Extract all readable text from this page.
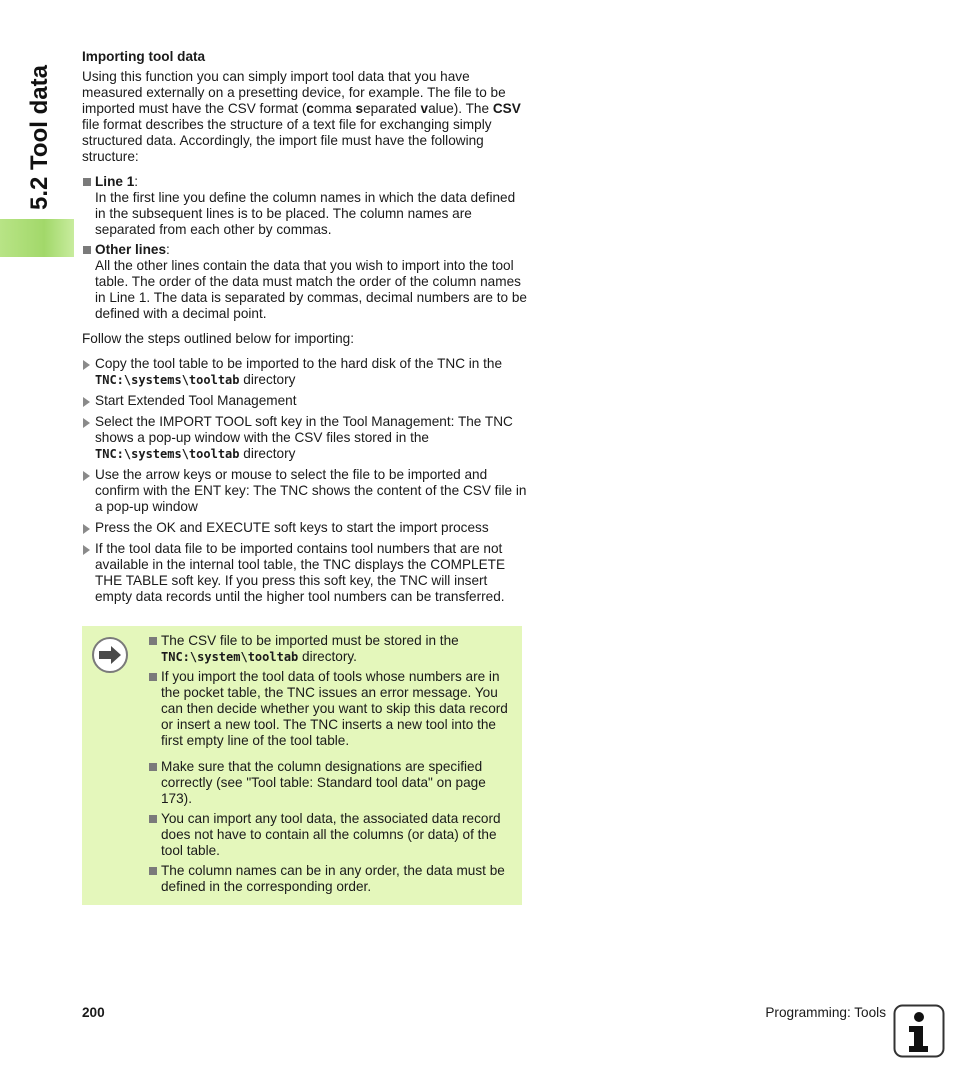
5.2 Tool data

Importing tool data

Using this function you can simply import tool data that you have measured externally on a presetting device, for example. The file to be imported must have the CSV format (comma separated value). The CSV file format describes the structure of a text file for exchanging simply structured data. Accordingly, the import file must have the following structure:

Line 1:
In the first line you define the column names in which the data defined in the subsequent lines is to be placed. The column names are separated from each other by commas.
Other lines:
All the other lines contain the data that you wish to import into the tool table. The order of the data must match the order of the column names in Line 1. The data is separated by commas, decimal numbers are to be defined with a decimal point.

Follow the steps outlined below for importing:

Copy the tool table to be imported to the hard disk of the TNC in the TNC:\systems\tooltab directory
Start Extended Tool Management
Select the IMPORT TOOL soft key in the Tool Management: The TNC shows a pop-up window with the CSV files stored in the TNC:\systems\tooltab directory
Use the arrow keys or mouse to select the file to be imported and confirm with the ENT key: The TNC shows the content of the CSV file in a pop-up window
Press the OK and EXECUTE soft keys to start the import process
If the tool data file to be imported contains tool numbers that are not available in the internal tool table, the TNC displays the COMPLETE THE TABLE soft key. If you press this soft key, the TNC will insert empty data records until the higher tool numbers can be transferred.
The CSV file to be imported must be stored in the TNC:\system\tooltab directory.
If you import the tool data of tools whose numbers are in the pocket table, the TNC issues an error message. You can then decide whether you want to skip this data record or insert a new tool. The TNC inserts a new tool into the first empty line of the tool table.
Make sure that the column designations are specified correctly (see "Tool table: Standard tool data" on page 173).
You can import any tool data, the associated data record does not have to contain all the columns (or data) of the tool table.
The column names can be in any order, the data must be defined in the corresponding order.
200	Programming: Tools
